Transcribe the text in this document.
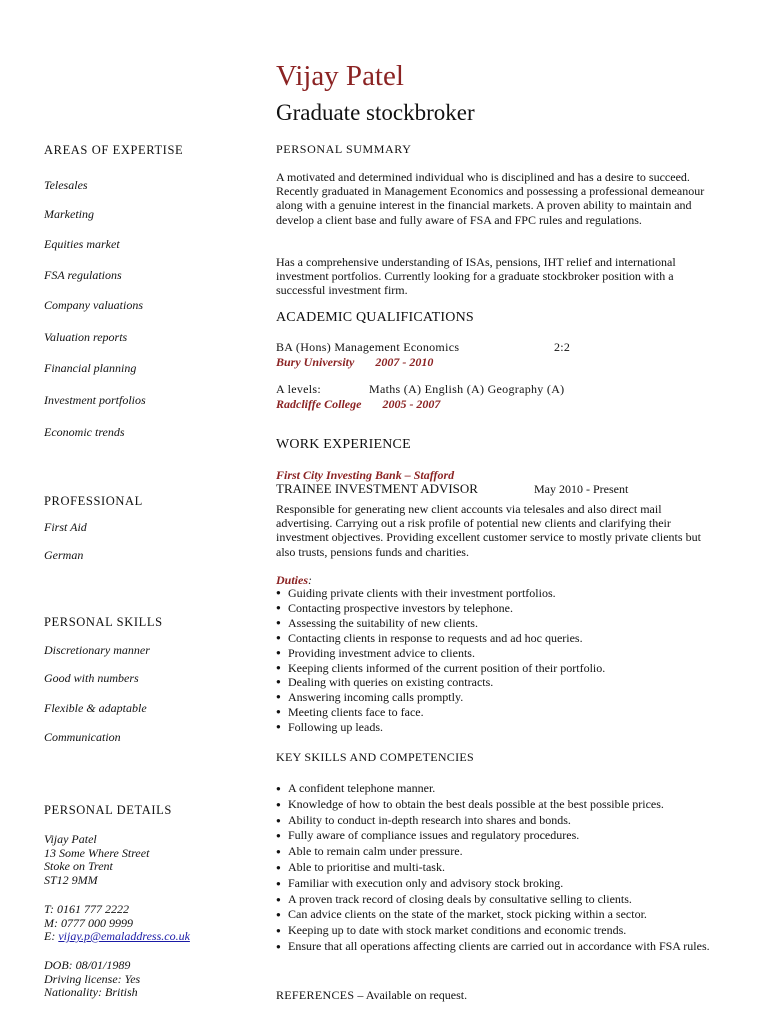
Vijay Patel
Graduate stockbroker
AREAS OF EXPERTISE
Telesales
Marketing
Equities market
FSA regulations
Company valuations
Valuation reports
Financial planning
Investment portfolios
Economic trends
PROFESSIONAL
First Aid
German
PERSONAL SKILLS
Discretionary manner
Good with numbers
Flexible & adaptable
Communication
PERSONAL DETAILS
Vijay Patel
13 Some Where Street
Stoke on Trent
ST12 9MM
T: 0161 777 2222
M: 0777 000 9999
E: vijay.p@emaladdress.co.uk
DOB: 08/01/1989
Driving license: Yes
Nationality: British
PERSONAL SUMMARY
A motivated and determined individual who is disciplined and has a desire to succeed. Recently graduated in Management Economics and possessing a professional demeanour along with a genuine interest in the financial markets. A proven ability to maintain and develop a client base and fully aware of FSA and FPC rules and regulations.
Has a comprehensive understanding of ISAs, pensions, IHT relief and international investment portfolios. Currently looking for a graduate stockbroker position with a successful investment firm.
ACADEMIC QUALIFICATIONS
BA (Hons) Management Economics	2:2
Bury University 2007 - 2010
A levels:	Maths (A) English (A) Geography (A)
Radcliffe College 2005 - 2007
WORK EXPERIENCE
First City Investing Bank – Stafford
TRAINEE INVESTMENT ADVISOR	May 2010 - Present
Responsible for generating new client accounts via telesales and also direct mail advertising. Carrying out a risk profile of potential new clients and clarifying their investment objectives. Providing excellent customer service to mostly private clients but also trusts, pensions funds and charities.
Duties:
● Guiding private clients with their investment portfolios.
● Contacting prospective investors by telephone.
● Assessing the suitability of new clients.
● Contacting clients in response to requests and ad hoc queries.
● Providing investment advice to clients.
● Keeping clients informed of the current position of their portfolio.
● Dealing with queries on existing contracts.
● Answering incoming calls promptly.
● Meeting clients face to face.
● Following up leads.
KEY SKILLS AND COMPETENCIES
● A confident telephone manner.
● Knowledge of how to obtain the best deals possible at the best possible prices.
● Ability to conduct in-depth research into shares and bonds.
● Fully aware of compliance issues and regulatory procedures.
● Able to remain calm under pressure.
● Able to prioritise and multi-task.
● Familiar with execution only and advisory stock broking.
● A proven track record of closing deals by consultative selling to clients.
● Can advice clients on the state of the market, stock picking within a sector.
● Keeping up to date with stock market conditions and economic trends.
● Ensure that all operations affecting clients are carried out in accordance with FSA rules.
REFERENCES – Available on request.
